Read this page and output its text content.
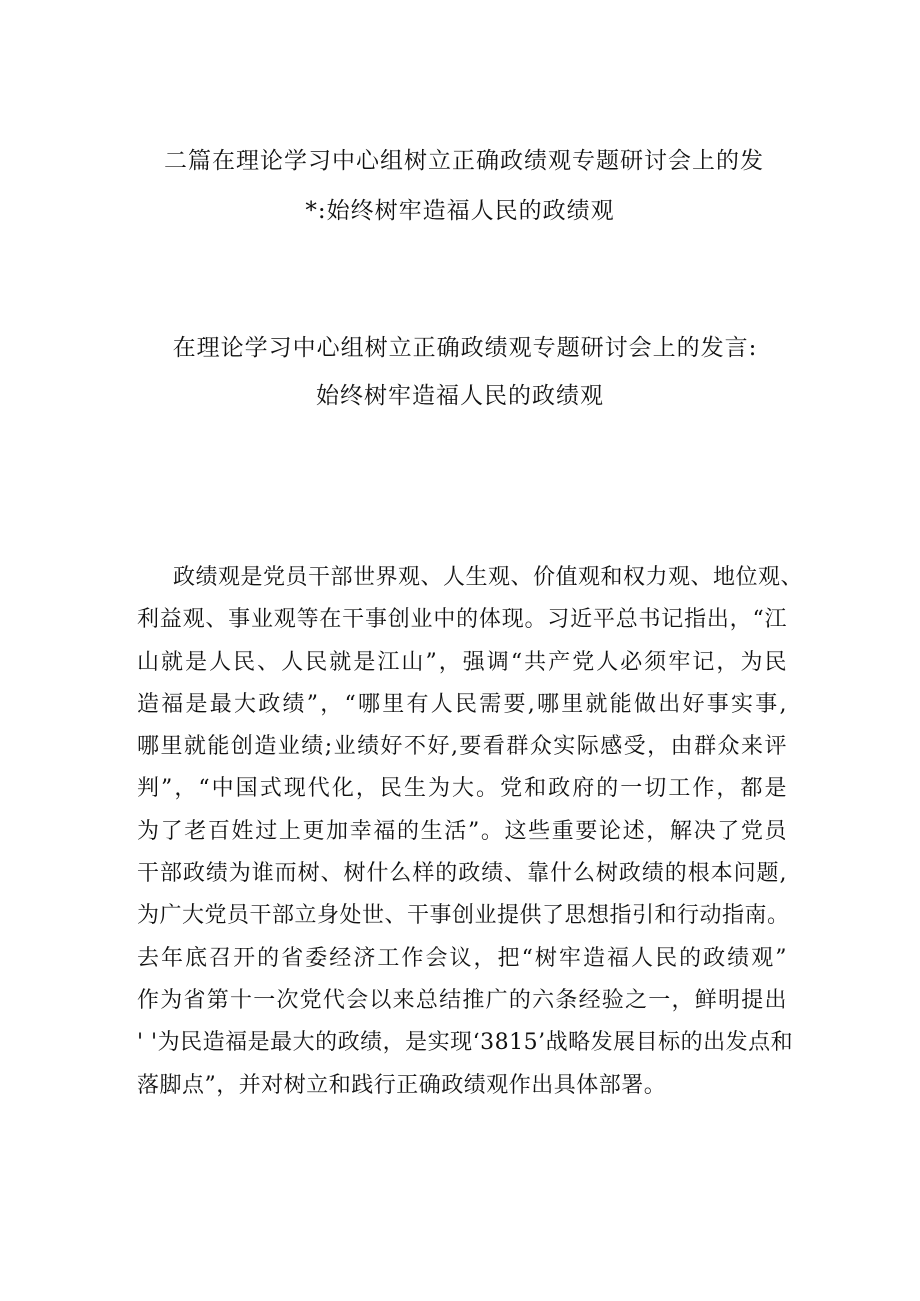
二篇在理论学习中心组树立正确政绩观专题研讨会上的发
*:始终树牢造福人民的政绩观
在理论学习中心组树立正确政绩观专题研讨会上的发言:
始终树牢造福人民的政绩观
政绩观是党员干部世界观、人生观、价值观和权力观、地位观、
利益观、事业观等在干事创业中的体现。习近平总书记指出，“江
山就是人民、人民就是江山”，强调“共产党人必须牢记，为民
造福是最大政绩”，“哪里有人民需要,哪里就能做出好事实事,
哪里就能创造业绩;业绩好不好,要看群众实际感受，由群众来评
判”，“中国式现代化，民生为大。党和政府的一切工作，都是
为了老百姓过上更加幸福的生活”。这些重要论述，解决了党员
干部政绩为谁而树、树什么样的政绩、靠什么树政绩的根本问题,
为广大党员干部立身处世、干事创业提供了思想指引和行动指南。
去年底召开的省委经济工作会议，把“树牢造福人民的政绩观”
作为省第十一次党代会以来总结推广的六条经验之一，鲜明提出
' '为民造福是最大的政绩，是实现‘3815’战略发展目标的出发点和
落脚点”，并对树立和践行正确政绩观作出具体部署。
